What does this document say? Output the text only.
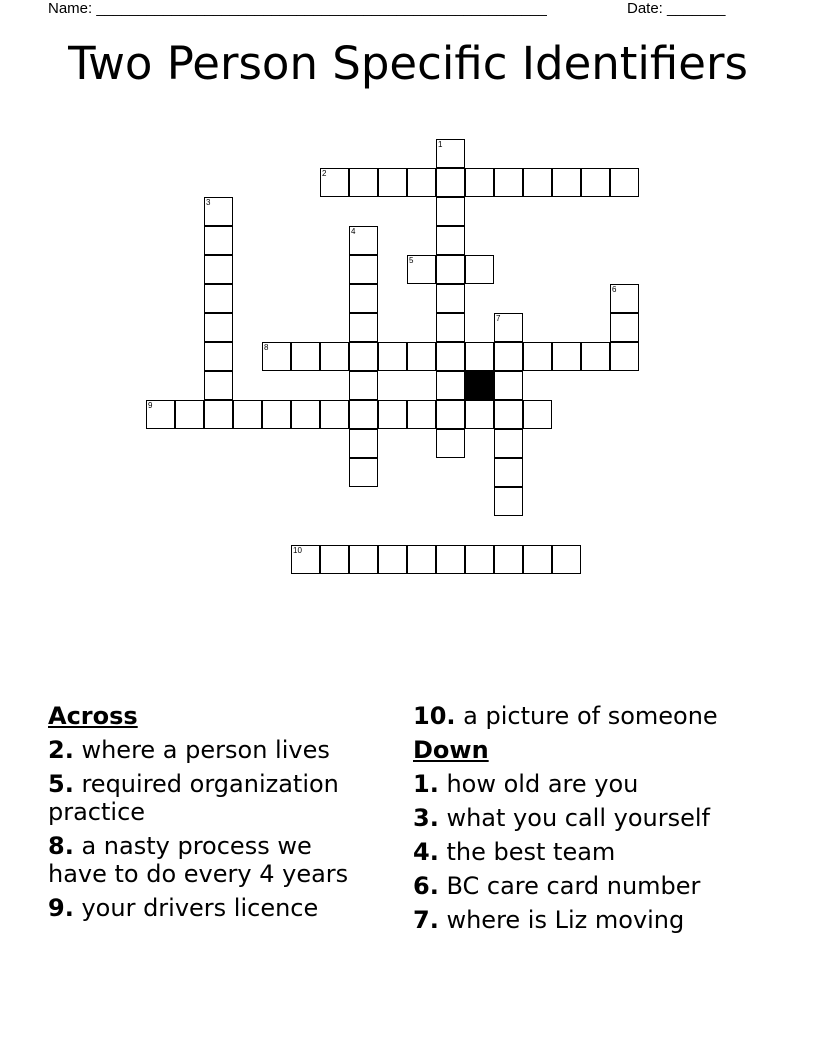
Name: ______________________________________________________	Date: _______
Two Person Specific Identifiers
1
2
3
4
5
6
7
8
9
10
Across
2. where a person lives
5. required organization practice
8. a nasty process we have to do every 4 years
9. your drivers licence
10. a picture of someone
Down
1. how old are you
3. what you call yourself
4. the best team
6. BC care card number
7. where is Liz moving
